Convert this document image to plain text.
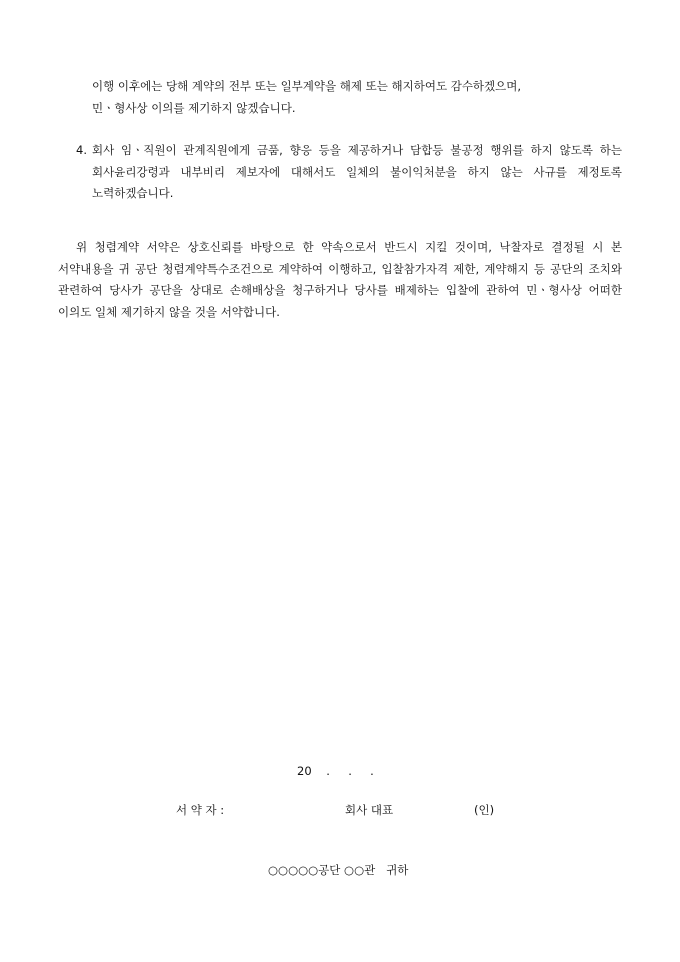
이행 이후에는 당해 계약의 전부 또는 일부계약을 해제 또는 해지하여도 감수하겠으며,
민ㆍ형사상 이의를 제기하지 않겠습니다.
4. 회사 임ㆍ직원이 관계직원에게 금품, 향응 등을 제공하거나 담합등 불공정 행위를 하지 않도록 하는 회사윤리강령과 내부비리 제보자에 대해서도 일체의 불이익처분을 하지 않는 사규를 제정토록 노력하겠습니다.

위 청렴계약 서약은 상호신뢰를 바탕으로 한 약속으로서 반드시 지킬 것이며, 낙찰자로 결정될 시 본 서약내용을 귀 공단 청렴계약특수조건으로 계약하여 이행하고, 입찰참가자격 제한, 계약해지 등 공단의 조치와 관련하여 당사가 공단을 상대로 손해배상을 청구하거나 당사를 배제하는 입찰에 관하여 민ㆍ형사상 어떠한 이의도 일체 제기하지 않을 것을 서약합니다.

20    .     .     .
서 약 자 :	회사 대표	(인)
○○○○○공단 ○○관   귀하
